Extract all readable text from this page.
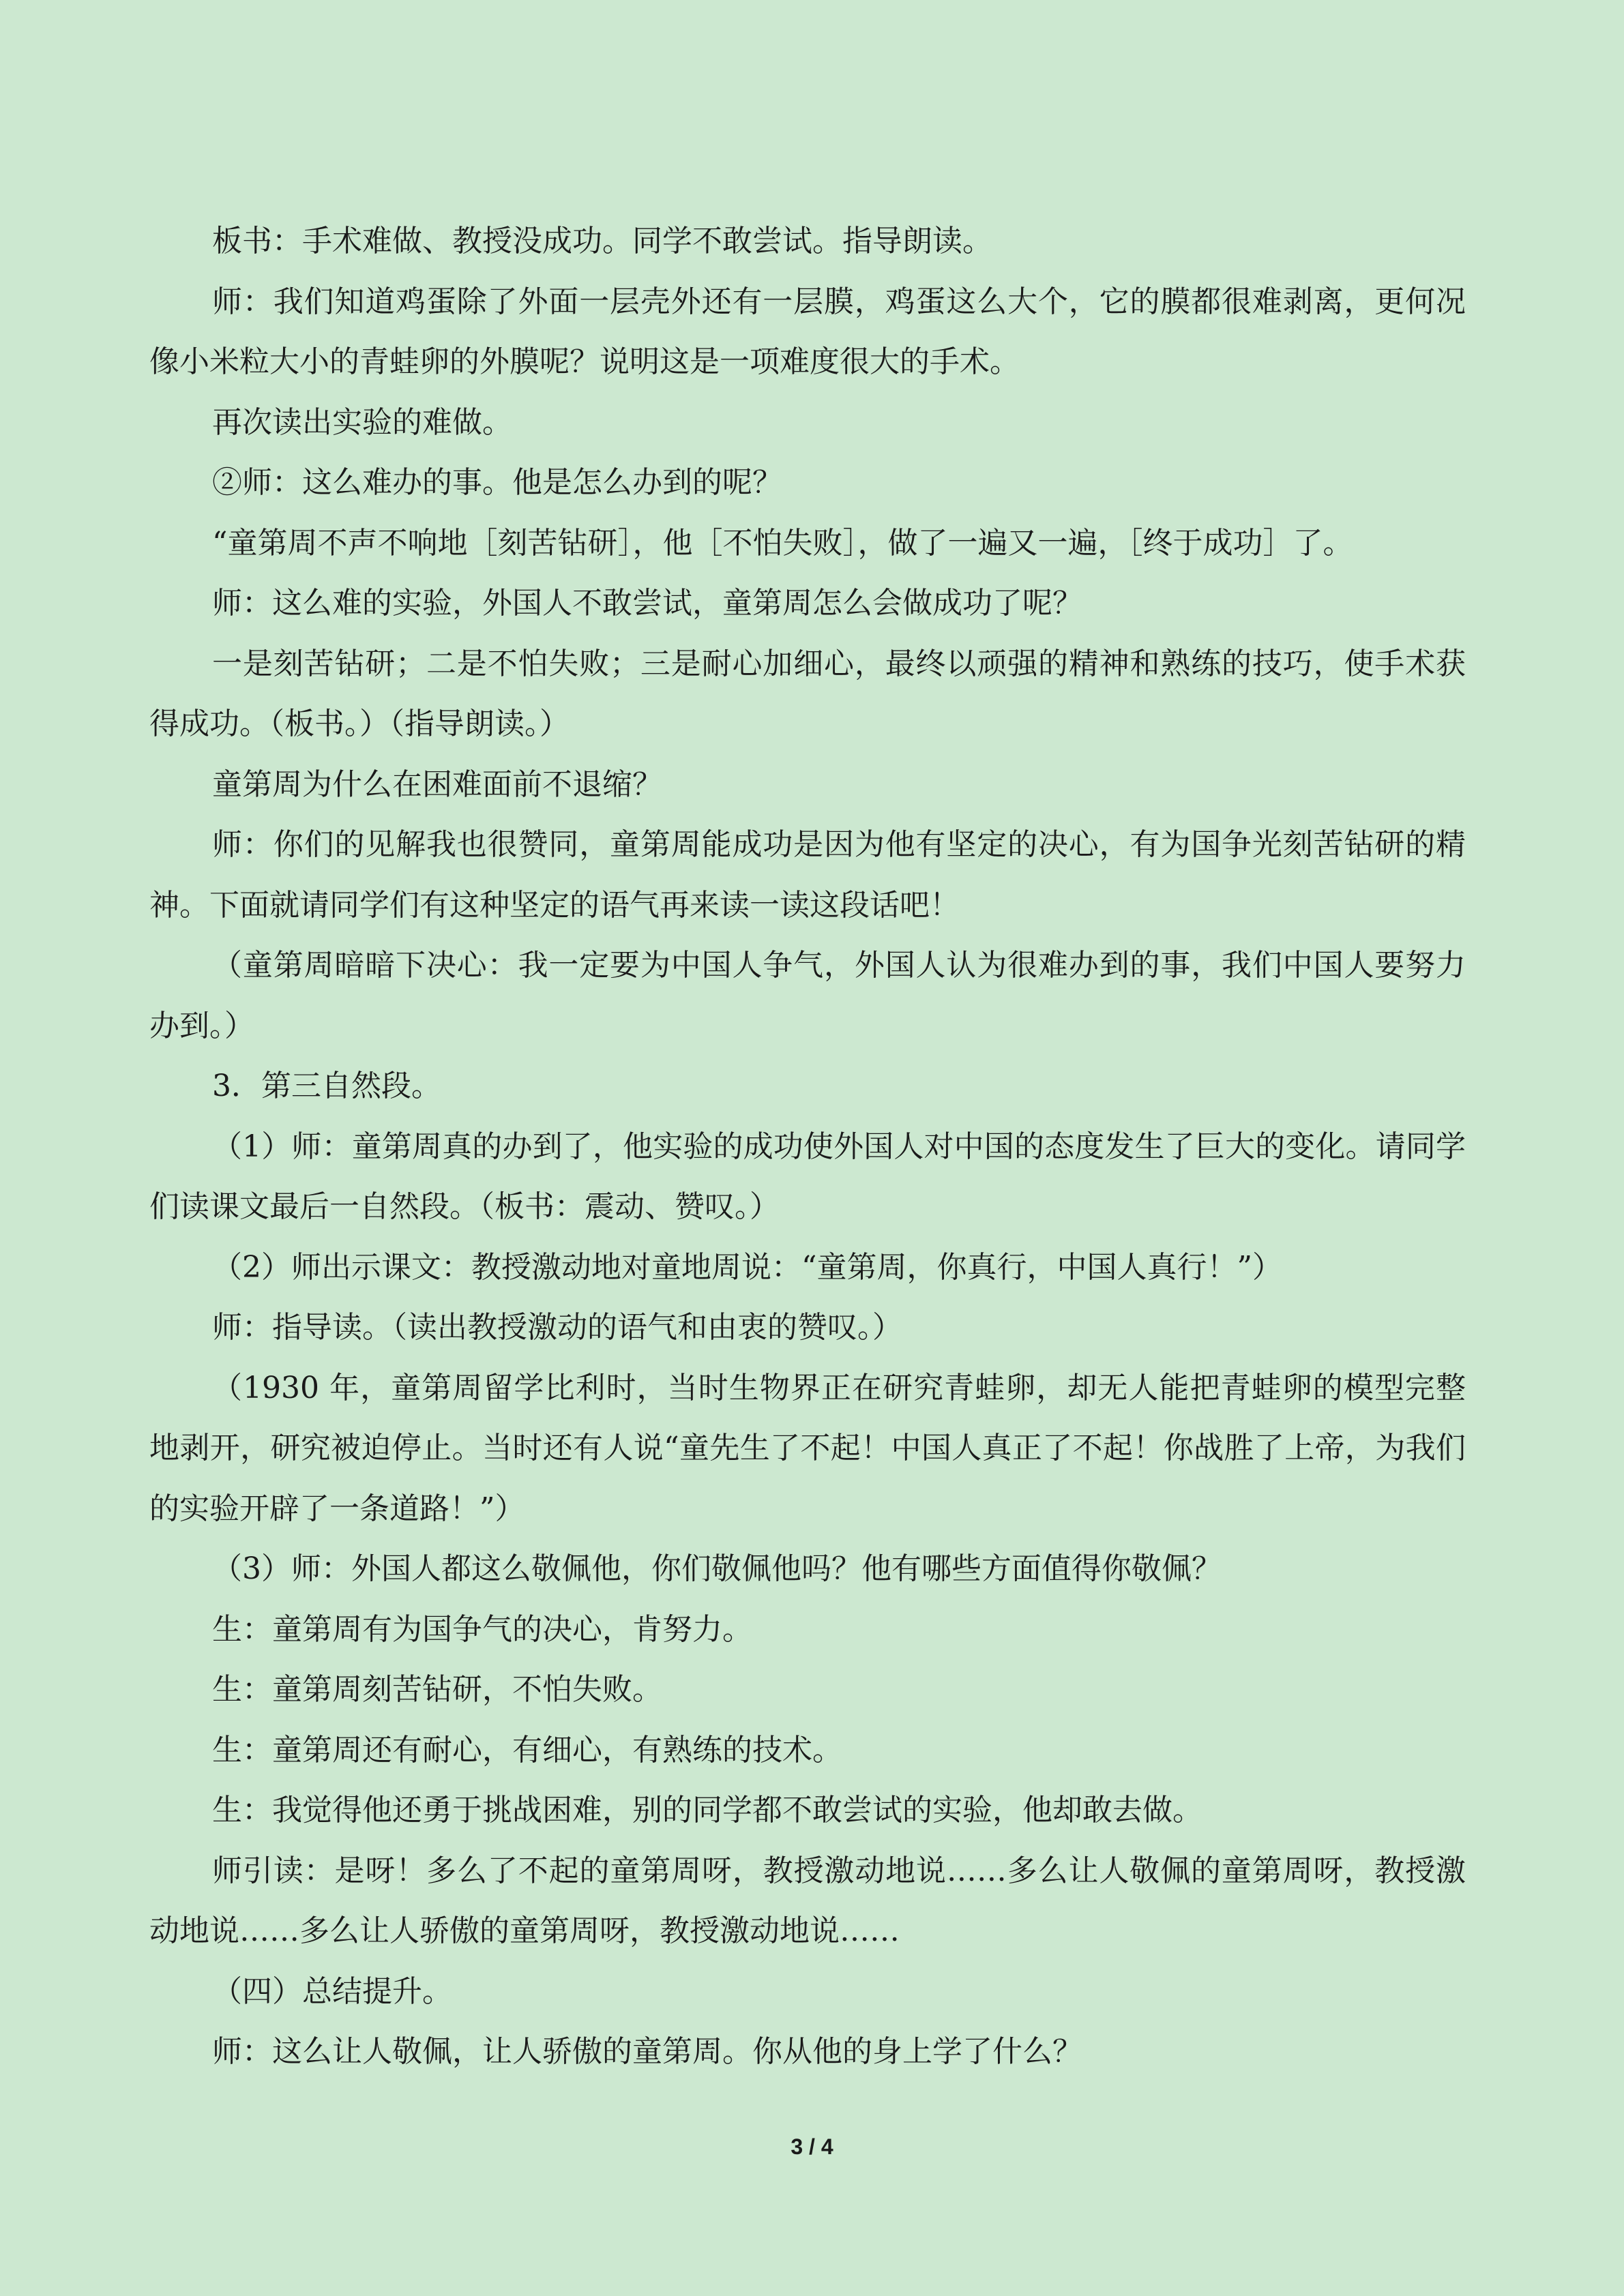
板书：手术难做、教授没成功。同学不敢尝试。指导朗读。

师：我们知道鸡蛋除了外面一层壳外还有一层膜，鸡蛋这么大个，它的膜都很难剥离，更何况像小米粒大小的青蛙卵的外膜呢？说明这是一项难度很大的手术。

再次读出实验的难做。

②师：这么难办的事。他是怎么办到的呢？

“童第周不声不响地［刻苦钻研］，他［不怕失败］，做了一遍又一遍，［终于成功］了。

师：这么难的实验，外国人不敢尝试，童第周怎么会做成功了呢？

一是刻苦钻研；二是不怕失败；三是耐心加细心，最终以顽强的精神和熟练的技巧，使手术获得成功。（板书。）（指导朗读。）

童第周为什么在困难面前不退缩？

师：你们的见解我也很赞同，童第周能成功是因为他有坚定的决心，有为国争光刻苦钻研的精神。下面就请同学们有这种坚定的语气再来读一读这段话吧！

（童第周暗暗下决心：我一定要为中国人争气，外国人认为很难办到的事，我们中国人要努力办到。）

3．第三自然段。

（1）师：童第周真的办到了，他实验的成功使外国人对中国的态度发生了巨大的变化。请同学们读课文最后一自然段。（板书：震动、赞叹。）

（2）师出示课文：教授激动地对童地周说：“童第周，你真行，中国人真行！”）

师：指导读。（读出教授激动的语气和由衷的赞叹。）

（1930 年，童第周留学比利时，当时生物界正在研究青蛙卵，却无人能把青蛙卵的模型完整地剥开，研究被迫停止。当时还有人说“童先生了不起！中国人真正了不起！你战胜了上帝，为我们的实验开辟了一条道路！”）

（3）师：外国人都这么敬佩他，你们敬佩他吗？他有哪些方面值得你敬佩？

生：童第周有为国争气的决心，肯努力。

生：童第周刻苦钻研，不怕失败。

生：童第周还有耐心，有细心，有熟练的技术。

生：我觉得他还勇于挑战困难，别的同学都不敢尝试的实验，他却敢去做。

师引读：是呀！多么了不起的童第周呀，教授激动地说……多么让人敬佩的童第周呀，教授激动地说……多么让人骄傲的童第周呀，教授激动地说……

（四）总结提升。

师：这么让人敬佩，让人骄傲的童第周。你从他的身上学了什么？

3 / 4
